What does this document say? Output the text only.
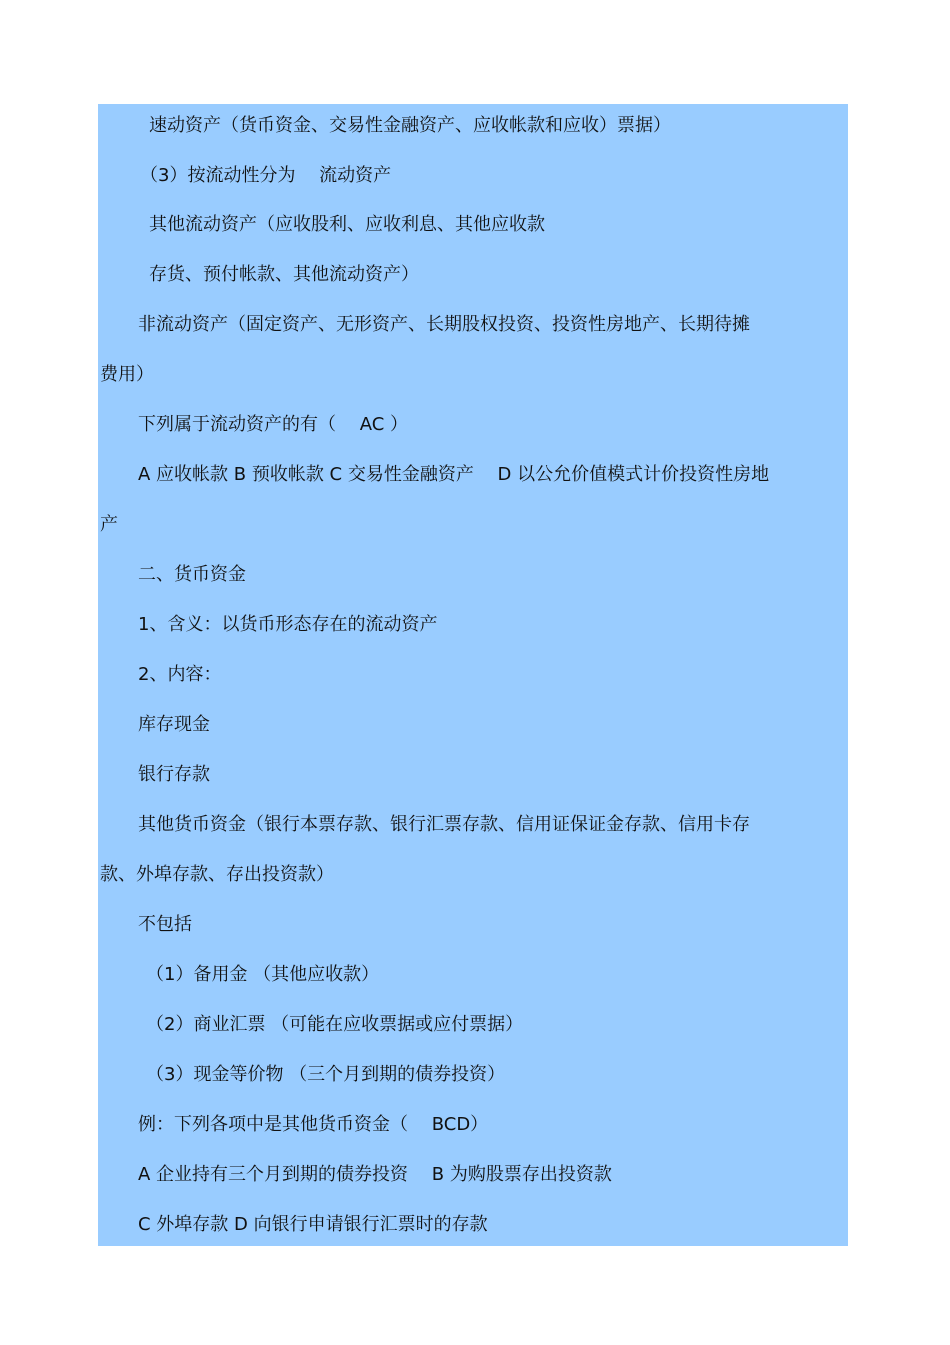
速动资产（货币资金、交易性金融资产、应收帐款和应收）票据）

（3）按流动性分为　 流动资产

其他流动资产（应收股利、应收利息、其他应收款

存货、预付帐款、其他流动资产）

非流动资产（固定资产、无形资产、长期股权投资、投资性房地产、长期待摊

费用）

下列属于流动资产的有（　 AC ）

A 应收帐款 B 预收帐款 C 交易性金融资产　 D 以公允价值模式计价投资性房地

产

二、货币资金

1、含义：以货币形态存在的流动资产

2、内容：

库存现金

银行存款

其他货币资金（银行本票存款、银行汇票存款、信用证保证金存款、信用卡存

款、外埠存款、存出投资款）

不包括

（1）备用金 （其他应收款）

（2）商业汇票 （可能在应收票据或应付票据）

（3）现金等价物 （三个月到期的债券投资）

例：下列各项中是其他货币资金（　 BCD）

A 企业持有三个月到期的债券投资　 B 为购股票存出投资款

C 外埠存款 D 向银行申请银行汇票时的存款
